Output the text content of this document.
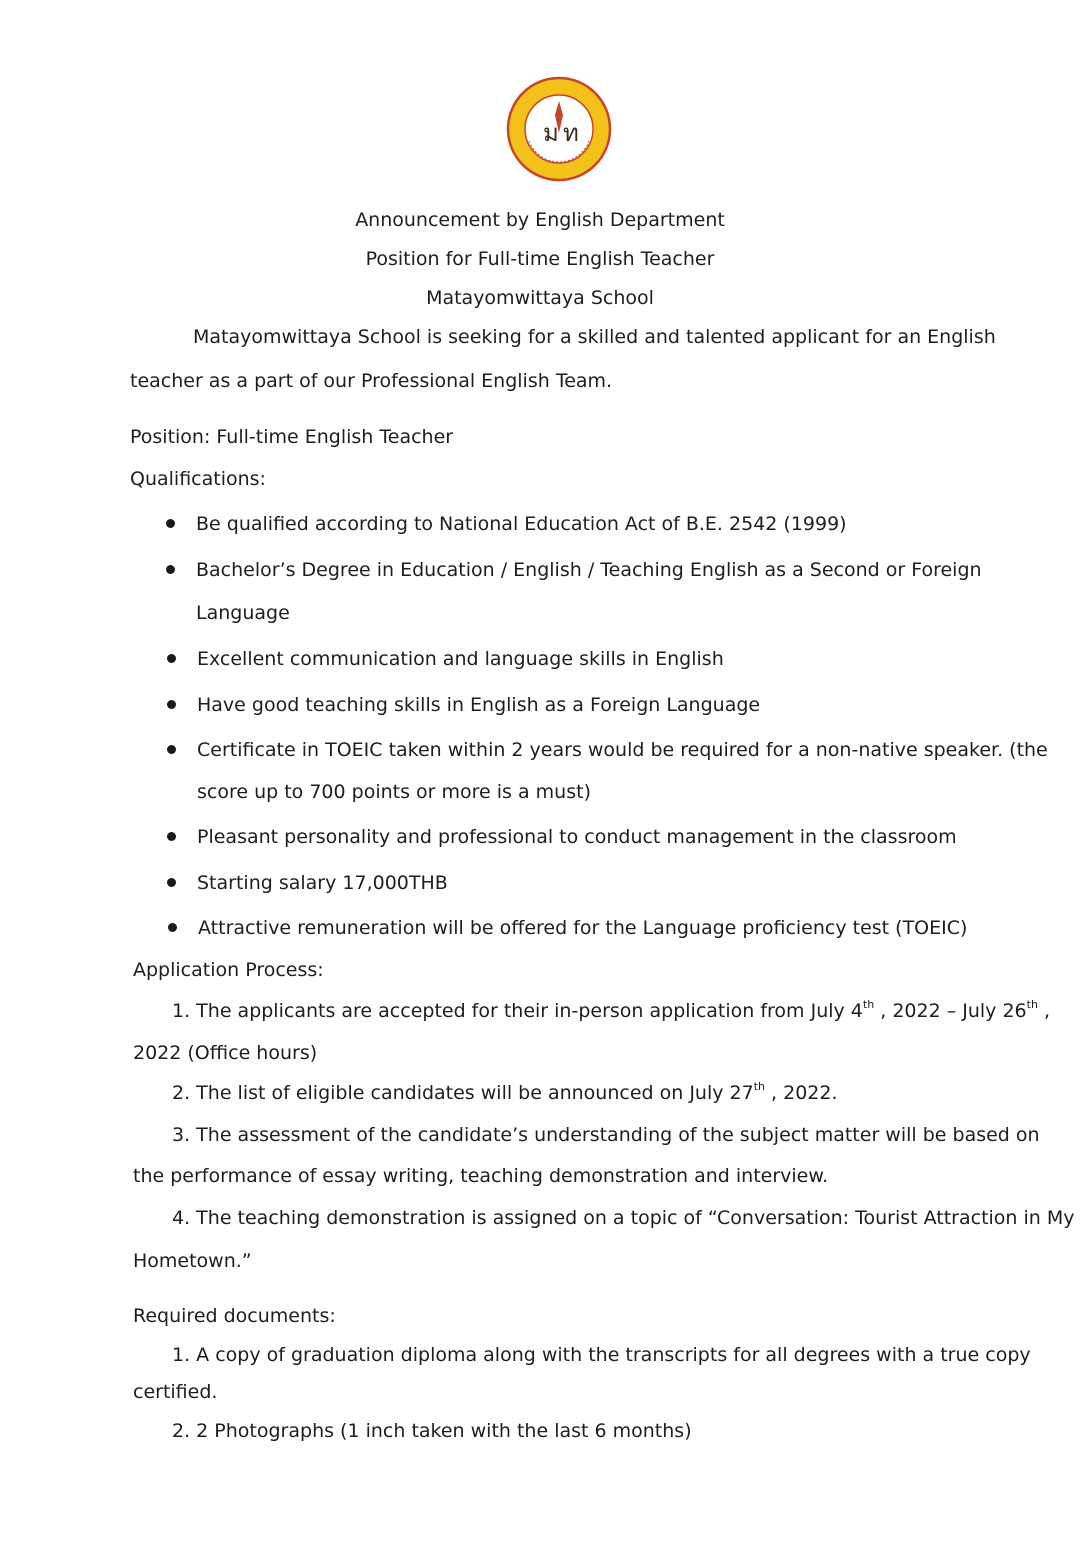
ม ท
Announcement by English Department
Position for Full-time English Teacher
Matayomwittaya School
Matayomwittaya School is seeking for a skilled and talented applicant for an English
teacher as a part of our Professional English Team.
Position: Full-time English Teacher
Qualifications:
Be qualified according to National Education Act of B.E. 2542 (1999)
Bachelor’s Degree in Education / English / Teaching English as a Second or Foreign
Language
Excellent communication and language skills in English
Have good teaching skills in English as a Foreign Language
Certificate in TOEIC taken within 2 years would be required for a non-native speaker. (the
score up to 700 points or more is a must)
Pleasant personality and professional to conduct management in the classroom
Starting salary 17,000THB
Attractive remuneration will be offered for the Language proficiency test (TOEIC)
Application Process:
1. The applicants are accepted for their in-person application from July 4th , 2022 – July 26th ,
2022 (Office hours)
2. The list of eligible candidates will be announced on July 27th , 2022.
3. The assessment of the candidate’s understanding of the subject matter will be based on
the performance of essay writing, teaching demonstration and interview.
4. The teaching demonstration is assigned on a topic of “Conversation: Tourist Attraction in My
Hometown.”
Required documents:
1. A copy of graduation diploma along with the transcripts for all degrees with a true copy
certified.
2. 2 Photographs (1 inch taken with the last 6 months)
